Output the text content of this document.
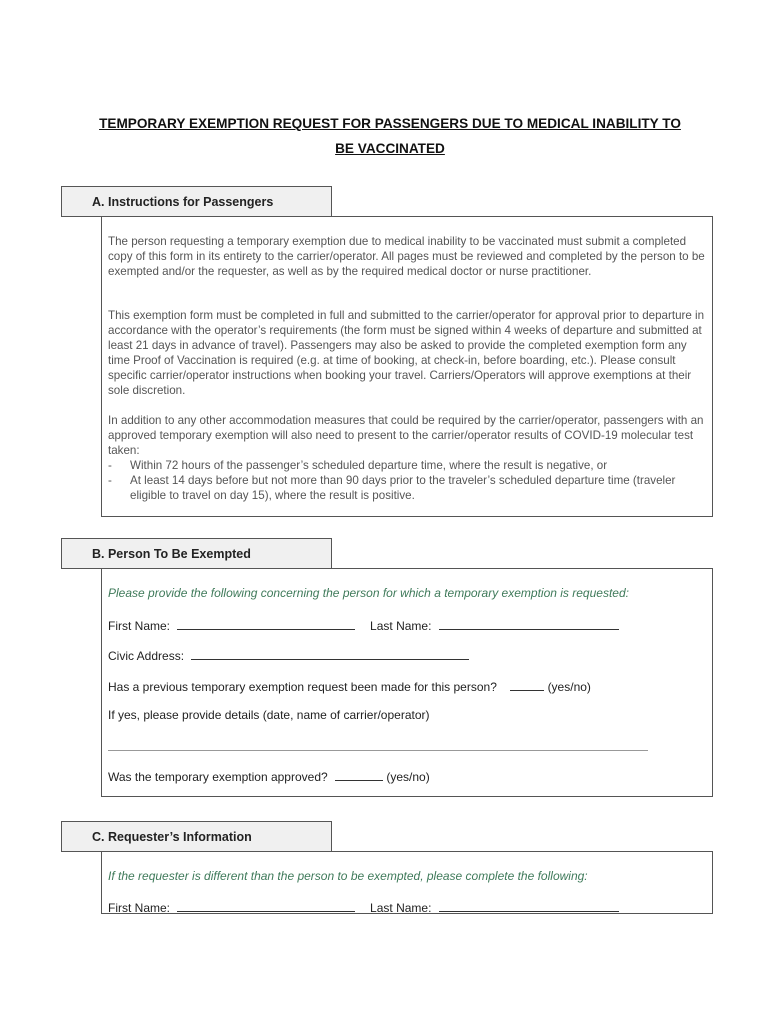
TEMPORARY EXEMPTION REQUEST FOR PASSENGERS DUE TO MEDICAL INABILITY TO
BE VACCINATED
A. Instructions for Passengers

The person requesting a temporary exemption due to medical inability to be vaccinated must submit a completed copy of this form in its entirety to the carrier/operator. All pages must be reviewed and completed by the person to be exempted and/or the requester, as well as by the required medical doctor or nurse practitioner.

This exemption form must be completed in full and submitted to the carrier/operator for approval prior to departure in accordance with the operator’s requirements (the form must be signed within 4 weeks of departure and submitted at least 21 days in advance of travel). Passengers may also be asked to provide the completed exemption form any time Proof of Vaccination is required (e.g. at time of booking, at check-in, before boarding, etc.). Please consult specific carrier/operator instructions when booking your travel. Carriers/Operators will approve exemptions at their sole discretion.

In addition to any other accommodation measures that could be required by the carrier/operator, passengers with an approved temporary exemption will also need to present to the carrier/operator results of COVID-19 molecular test taken:

- Within 72 hours of the passenger’s scheduled departure time, where the result is negative, or
- At least 14 days before but not more than 90 days prior to the traveler’s scheduled departure time (traveler eligible to travel on day 15), where the result is positive.
B. Person To Be Exempted
Please provide the following concerning the person for which a temporary exemption is requested:
First Name:	Last Name:
Civic Address:
Has a previous temporary exemption request been made for this person?	(yes/no)
If yes, please provide details (date, name of carrier/operator)
Was the temporary exemption approved?	(yes/no)
C. Requester’s Information
If the requester is different than the person to be exempted, please complete the following:
First Name:	Last Name:
